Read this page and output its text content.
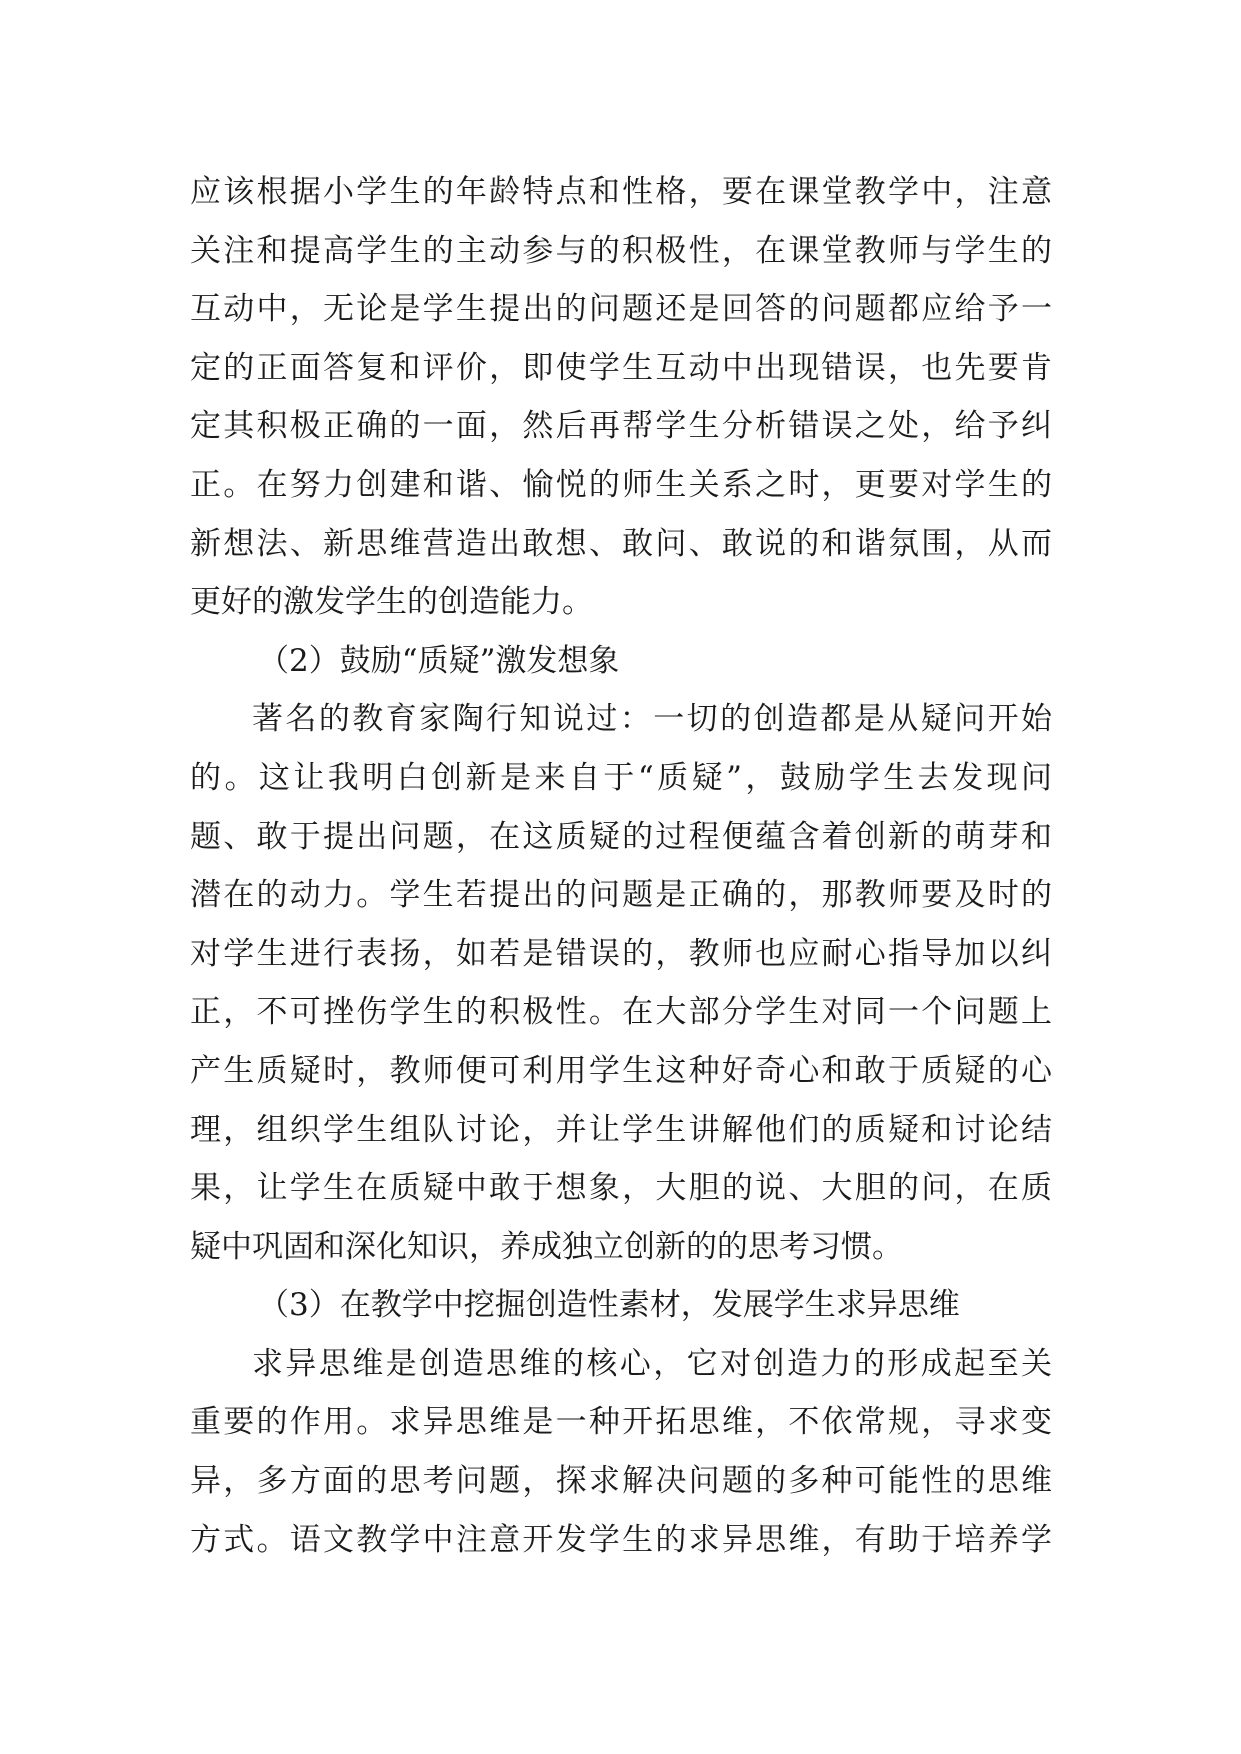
应该根据小学生的年龄特点和性格，要在课堂教学中，注意
关注和提高学生的主动参与的积极性，在课堂教师与学生的
互动中，无论是学生提出的问题还是回答的问题都应给予一
定的正面答复和评价，即使学生互动中出现错误，也先要肯
定其积极正确的一面，然后再帮学生分析错误之处，给予纠
正。在努力创建和谐、愉悦的师生关系之时，更要对学生的
新想法、新思维营造出敢想、敢问、敢说的和谐氛围，从而
更好的激发学生的创造能力。
（2）鼓励“质疑”激发想象
著名的教育家陶行知说过：一切的创造都是从疑问开始
的。这让我明白创新是来自于“质疑”，鼓励学生去发现问
题、敢于提出问题，在这质疑的过程便蕴含着创新的萌芽和
潜在的动力。学生若提出的问题是正确的，那教师要及时的
对学生进行表扬，如若是错误的，教师也应耐心指导加以纠
正，不可挫伤学生的积极性。在大部分学生对同一个问题上
产生质疑时，教师便可利用学生这种好奇心和敢于质疑的心
理，组织学生组队讨论，并让学生讲解他们的质疑和讨论结
果，让学生在质疑中敢于想象，大胆的说、大胆的问，在质
疑中巩固和深化知识，养成独立创新的的思考习惯。
（3）在教学中挖掘创造性素材，发展学生求异思维
求异思维是创造思维的核心，它对创造力的形成起至关
重要的作用。求异思维是一种开拓思维，不依常规，寻求变
异，多方面的思考问题，探求解决问题的多种可能性的思维
方式。语文教学中注意开发学生的求异思维，有助于培养学
